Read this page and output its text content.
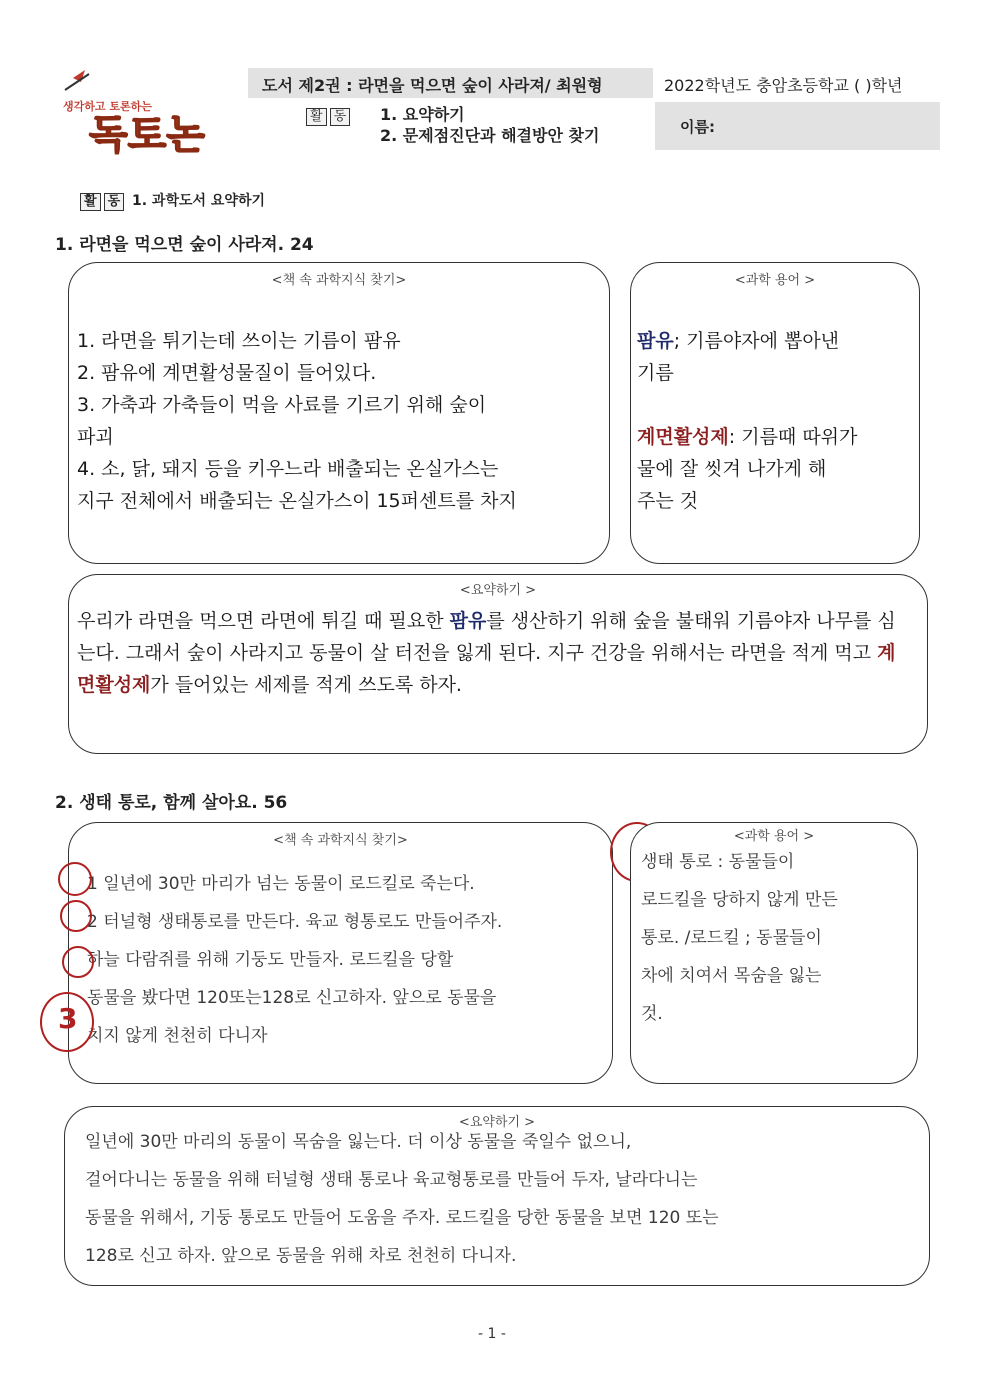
생각하고 토론하는
독토논
도서 제2권 : 라면을 먹으면 숲이 사라져/ 최원형	2022학년도 충암초등학교 ( )학년
활 동	1. 요약하기
2. 문제점진단과 해결방안 찾기	이름:
활 동 1. 과학도서 요약하기
1. 라면을 먹으면 숲이 사라져. 24
<책 속 과학지식 찾기>
1. 라면을 튀기는데 쓰이는 기름이 팜유
2. 팜유에 계면활성물질이 들어있다.
3. 가축과 가축들이 먹을 사료를 기르기 위해 숲이
파괴
4. 소, 닭, 돼지 등을 키우느라 배출되는 온실가스는
지구 전체에서 배출되는 온실가스이 15퍼센트를 차지
<과학 용어 >
팜유; 기름야자에 뽑아낸
기름
계면활성제: 기름때 따위가
물에 잘 씻겨 나가게 해
주는 것
<요약하기 >
우리가 라면을 먹으면 라면에 튀길 때 필요한 팜유를 생산하기 위해 숲을 불태워 기름야자 나무를 심는다. 그래서 숲이 사라지고 동물이 살 터전을 잃게 된다. 지구 건강을 위해서는 라면을 적게 먹고 계면활성제가 들어있는 세제를 적게 쓰도록 하자.
2. 생태 통로, 함께 살아요. 56
<책 속 과학지식 찾기>
1 일년에 30만 마리가 넘는 동물이 로드킬로 죽는다.
2 터널형 생태통로를 만든다. 육교 형통로도 만들어주자.
하늘 다람쥐를 위해 기둥도 만들자. 로드킬을 당할
동물을 봤다면 120또는128로 신고하자. 앞으로 동물을
치지 않게 천천히 다니자
3
<과학 용어 >
생태 통로 : 동물들이
로드킬을 당하지 않게 만든
통로. /로드킬 ; 동물들이
차에 치여서 목숨을 잃는
것.
<요약하기 >
일년에 30만 마리의 동물이 목숨을 잃는다. 더 이상 동물을 죽일수 없으니,
걸어다니는 동물을 위해 터널형 생태 통로나 육교형통로를 만들어 두자, 날라다니는
동물을 위해서, 기둥 통로도 만들어 도움을 주자. 로드킬을 당한 동물을 보면 120 또는
128로 신고 하자. 앞으로 동물을 위해 차로 천천히 다니자.
- 1 -
